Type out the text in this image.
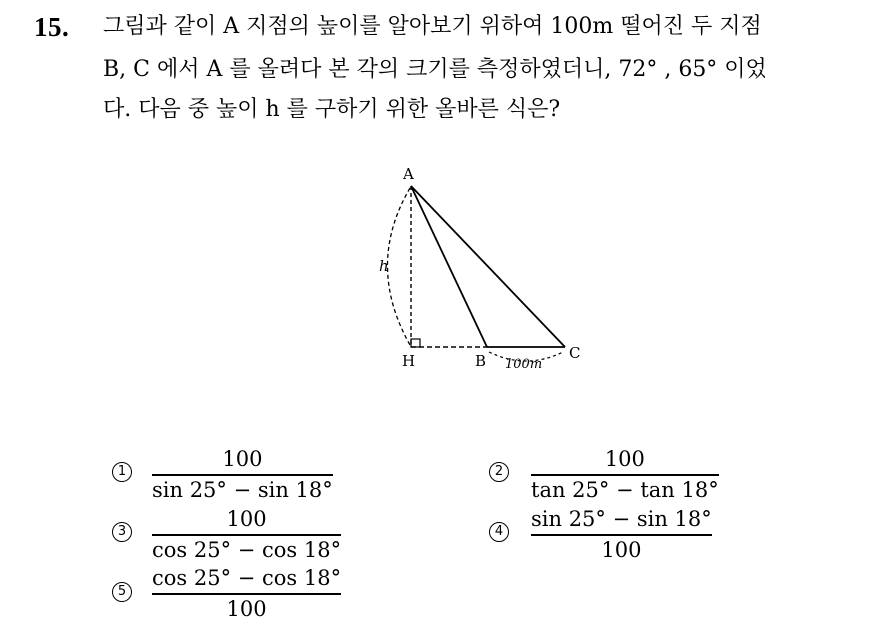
15. 그림과 같이 A 지점의 높이를 알아보기 위하여 100m 떨어진 두 지점
B, C 에서 A 를 올려다 본 각의 크기를 측정하였더니, 72° , 65° 이었
다. 다음 중 높이 h 를 구하기 위한 올바른 식은?
A
H	B	C
h
100m
1
100
sin 25° − sin 18°
2
100
tan 25° − tan 18°
3
100
cos 25° − cos 18°
4
sin 25° − sin 18°
100
5
cos 25° − cos 18°
100
